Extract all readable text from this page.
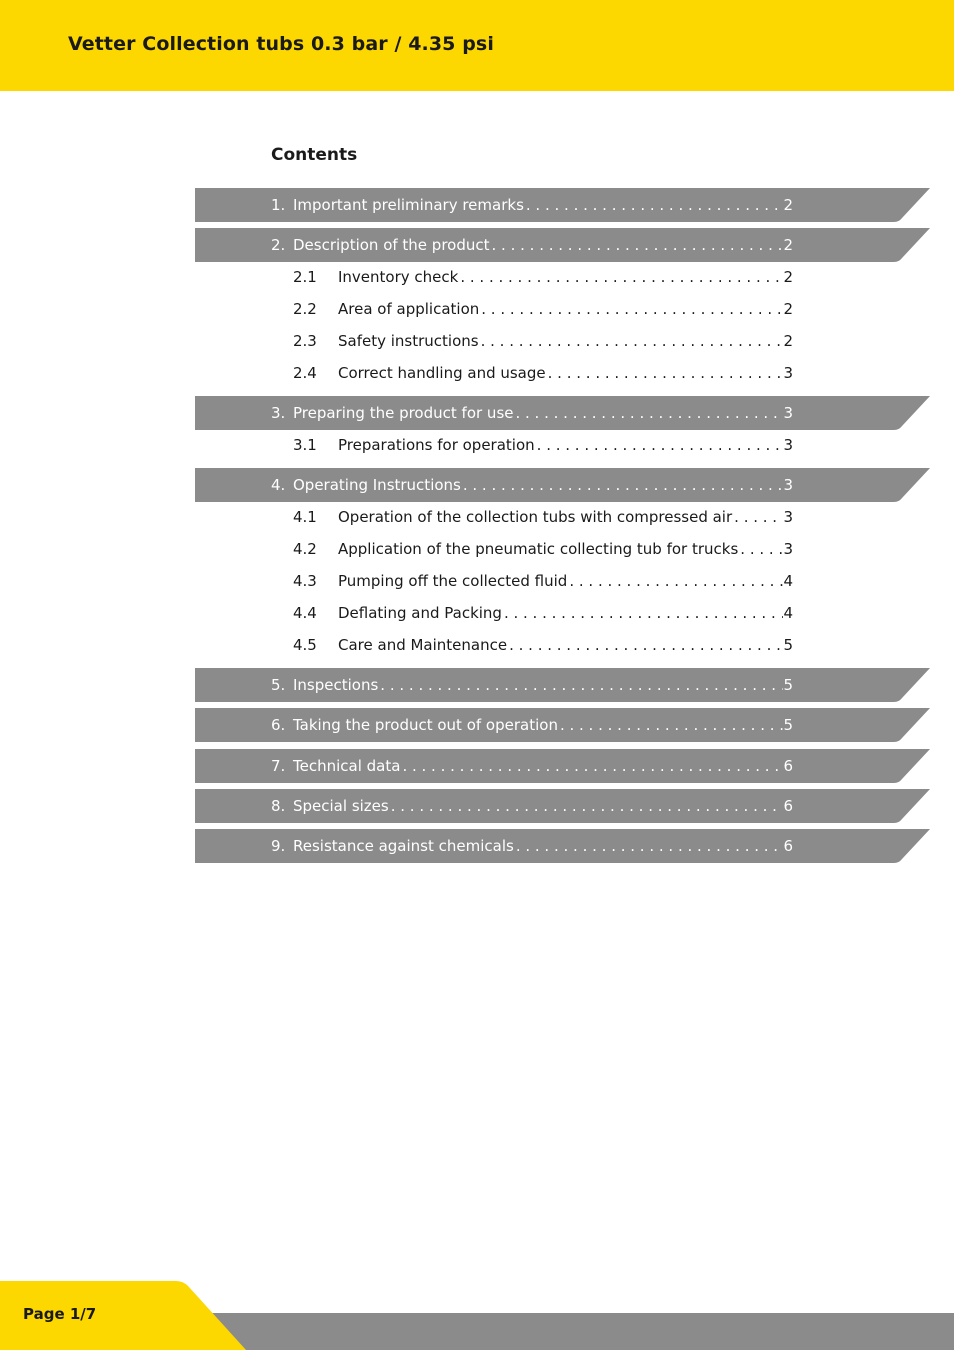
Vetter Collection tubs 0.3 bar / 4.35 psi
Contents
1. Important preliminary remarks . . .	2
2. Description of the product . . .	2
2.1	Inventory check . . .	2
2.2	Area of application . . .	2
2.3	Safety instructions . . .	2
2.4	Correct handling and usage . . .	3
3. Preparing the product for use . . .	3
3.1	Preparations for operation . . .	3
4. Operating Instructions . . .	3
4.1	Operation of the collection tubs with compressed air . . .	3
4.2	Application of the pneumatic collecting tub for trucks . . .	3
4.3	Pumping off the collected fluid . . .	4
4.4	Deflating and Packing . . .	4
4.5	Care and Maintenance . . .	5
5. Inspections . . .	5
6. Taking the product out of operation . . .	5
7. Technical data . . .	6
8. Special sizes . . .	6
9. Resistance against chemicals . . .	6
Page 1/7
